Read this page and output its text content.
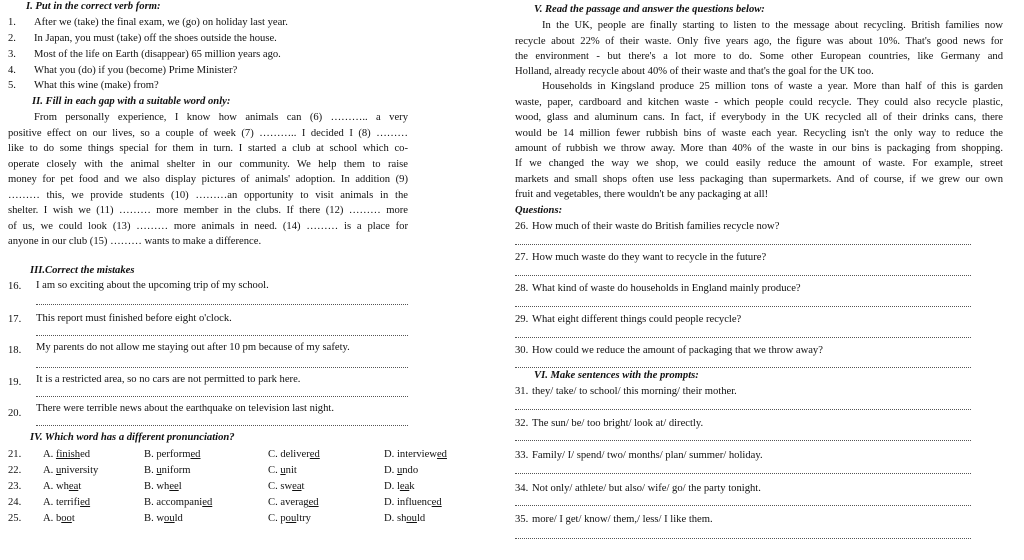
I. Put in the correct verb form:
1.	After we (take) the final exam, we (go) on holiday last year.
2.	In Japan, you must (take) off the shoes outside the house.
3.	Most of the life on Earth (disappear) 65 million years ago.
4.	What you (do) if you (become) Prime Minister?
5.	What this wine (make) from?
II. Fill in each gap with a suitable word only:
From personally experience, I know how animals can (6) ……….. a very
positive effect on our lives, so a couple of week (7) ……….. I decided I (8) ………
like to do some things special for them in turn. I started a club at school which co-
operate closely with the animal shelter in our community. We help them to raise
money for pet food and we also display pictures of animals' adoption. In addition (9)
……… this, we provide students (10) ………an opportunity to visit animals in the
shelter. I wish we (11) ……… more member in the clubs. If there (12) ……… more
of us, we could look (13) ……… more animals in need. (14) ……… is a place for
anyone in our club (15) ……… wants to make a difference.
III.Correct the mistakes
16.	I am so exciting about the upcoming trip of my school.
17.	This report must finished before eight o'clock.
18.	My parents do not allow me staying out after 10 pm because of my safety.
19.	It is a restricted area, so no cars are not permitted to park here.
20.	There were terrible news about the earthquake on television last night.
IV. Which word has a different pronunciation?
21.	A. finished	B. performed	C. delivered	D. interviewed
22.	A. university	B. uniform	C. unit	D. undo
23.	A. wheat	B. wheel	C. sweat	D. leak
24.	A. terrified	B. accompanied	C. averaged	D. influenced
25.	A. boot	B. would	C. poultry	D. should
V. Read the passage and answer the questions below:
In the UK, people are finally starting to listen to the message about recycling. British families now
recycle about 22% of their waste. Only five years ago, the figure was about 10%. That's good news for
the environment - but there's a lot more to do. Some other European countries, like Germany and
Holland, already recycle about 40% of their waste and that's the goal for the UK too.
Households in Kingsland produce 25 million tons of waste a year. More than half of this is garden
waste, paper, cardboard and kitchen waste - which people could recycle. They could also recycle plastic,
wood, glass and aluminum cans. In fact, if everybody in the UK recycled all of their drinks cans, there
would be 14 million fewer rubbish bins of waste each year. Recycling isn't the only way to reduce the
amount of rubbish we throw away. More than 40% of the waste in our bins is packaging from shopping.
If we changed the way we shop, we could easily reduce the amount of waste. For example, street
markets and small shops often use less packaging than supermarkets. And of course, if we grew our own
fruit and vegetables, there wouldn't be any packaging at all!
Questions:
26. How much of their waste do British families recycle now?
27. How much waste do they want to recycle in the future?
28. What kind of waste do households in England mainly produce?
29. What eight different things could people recycle?
30. How could we reduce the amount of packaging that we throw away?
VI. Make sentences with the prompts:
31. they/ take/ to school/ this morning/ their mother.
32. The sun/ be/ too bright/ look at/ directly.
33. Family/ I/ spend/ two/ months/ plan/ summer/ holiday.
34. Not only/ athlete/ but also/ wife/ go/ the party tonight.
35. more/ I get/ know/ them,/ less/ I like them.
